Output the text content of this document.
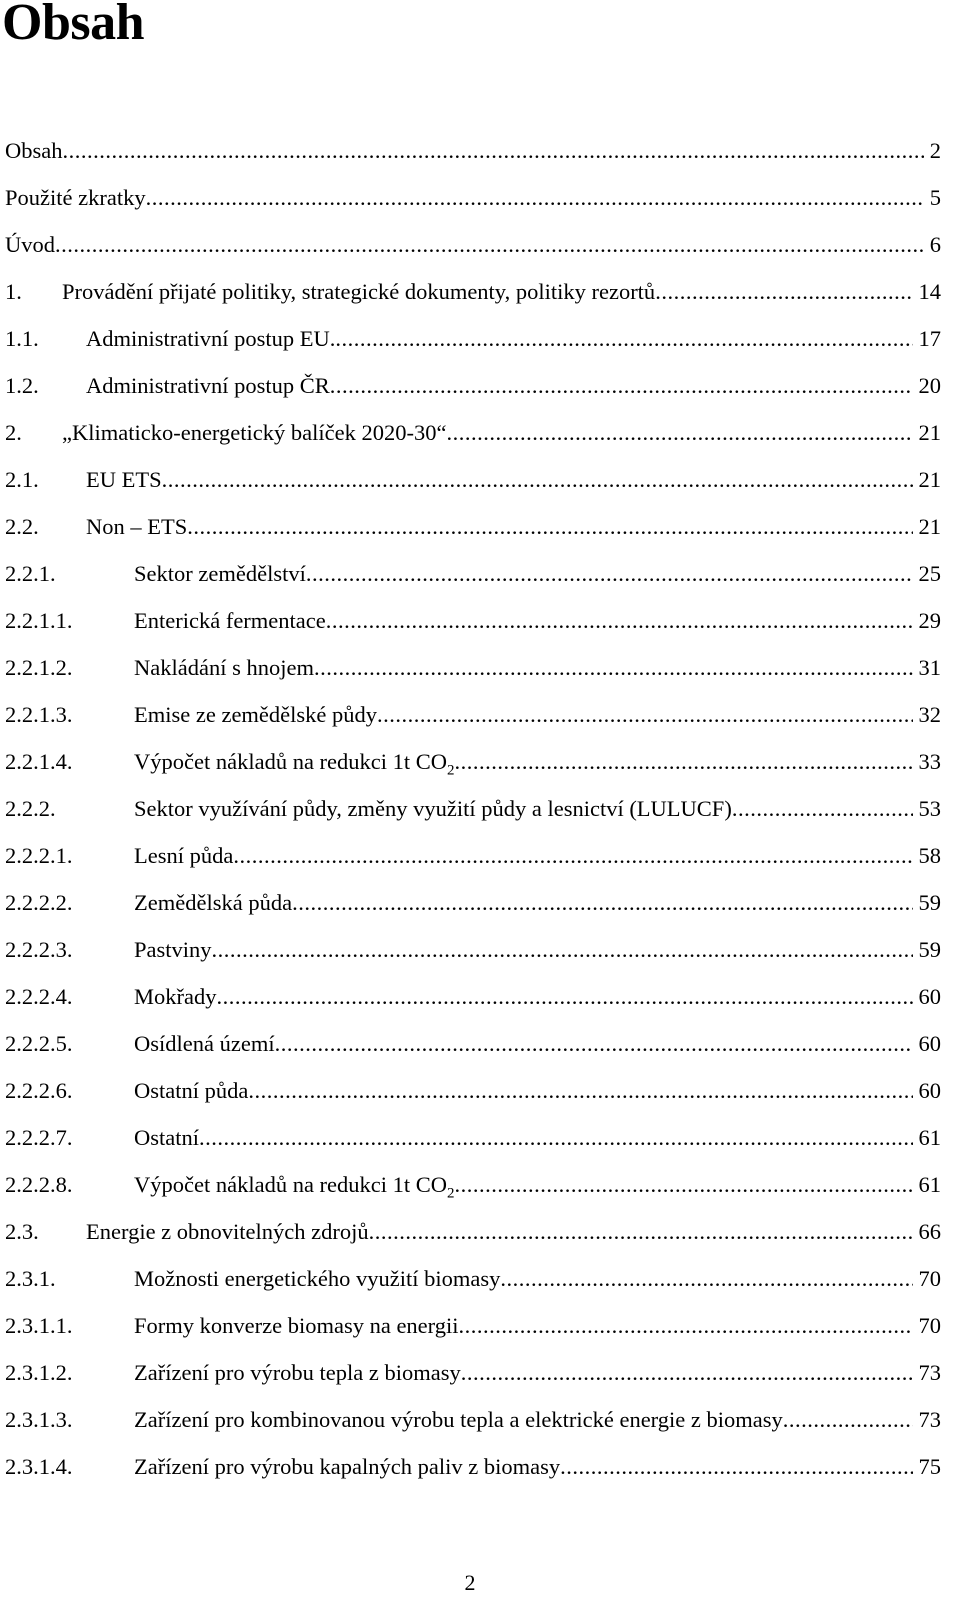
Obsah
Obsah .....	2
Použité zkratky .....	5
Úvod .....	6
1. Provádění přijaté politiky, strategické dokumenty, politiky rezortů .....	14
1.1. Administrativní postup EU. .....	17
1.2. Administrativní postup ČR .....	20
2. „Klimaticko-energetický balíček 2020-30“ .....	21
2.1. EU ETS .....	21
2.2. Non – ETS .....	21
2.2.1.	Sektor zemědělství .....	25
2.2.1.1.	Enterická fermentace .....	29
2.2.1.2.	Nakládání s hnojem .....	31
2.2.1.3.	Emise ze zemědělské půdy .....	32
2.2.1.4.	Výpočet nákladů na redukci 1t $CO_2$ .....	33
2.2.2.	Sektor využívání půdy, změny využití půdy a lesnictví (LULUCF) .....	53
2.2.2.1.	Lesní půda .....	58
2.2.2.2.	Zemědělská půda .....	59
2.2.2.3.	Pastviny .....	59
2.2.2.4.	Mokřady .....	60
2.2.2.5.	Osídlená území .....	60
2.2.2.6.	Ostatní půda .....	60
2.2.2.7.	Ostatní .....	61
2.2.2.8.	Výpočet nákladů na redukci 1t $CO_2$ .....	61
2.3. Energie z obnovitelných zdrojů .....	66
2.3.1.	Možnosti energetického využití biomasy .....	70
2.3.1.1.	Formy konverze biomasy na energii .....	70
2.3.1.2.	Zařízení pro výrobu tepla z biomasy .....	73
2.3.1.3.	Zařízení pro kombinovanou výrobu tepla a elektrické energie z biomasy .....	73
2.3.1.4.	Zařízení pro výrobu kapalných paliv z biomasy .....	75
2
